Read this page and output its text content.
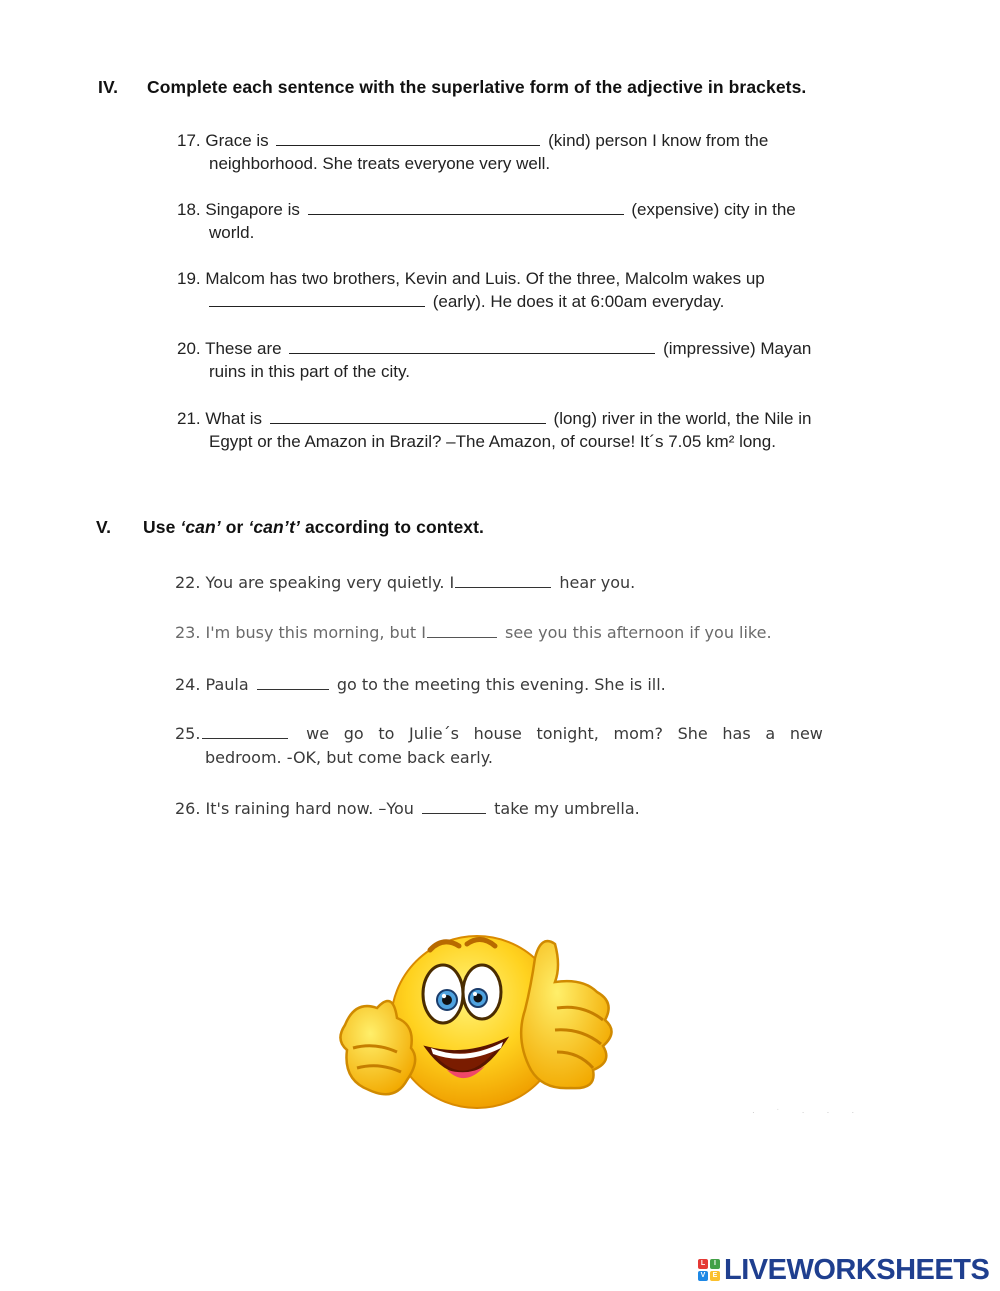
IV. Complete each sentence with the superlative form of the adjective in brackets.
17. Grace is	(kind) person I know from the
neighborhood. She treats everyone very well.
18. Singapore is	(expensive) city in the
world.
19. Malcom has two brothers, Kevin and Luis. Of the three, Malcolm wakes up
(early). He does it at 6:00am everyday.
20. These are	(impressive) Mayan
ruins in this part of the city.
21. What is	(long) river in the world, the Nile in
Egypt or the Amazon in Brazil? –The Amazon, of course! It´s 7.05 km² long.
V. Use ‘can’ or ‘can’t’ according to context.
22. You are speaking very quietly. I	hear you.
23. I'm busy this morning, but I	see you this afternoon if you like.
24. Paula	go to the meeting this evening. She is ill.
25.	we go to Julie´s house tonight, mom? She has a new
bedroom. -OK, but come back early.
26. It's raining hard now. –You	take my umbrella.
· ˙ · · ·
L	I
V	E LIVEWORKSHEETS
